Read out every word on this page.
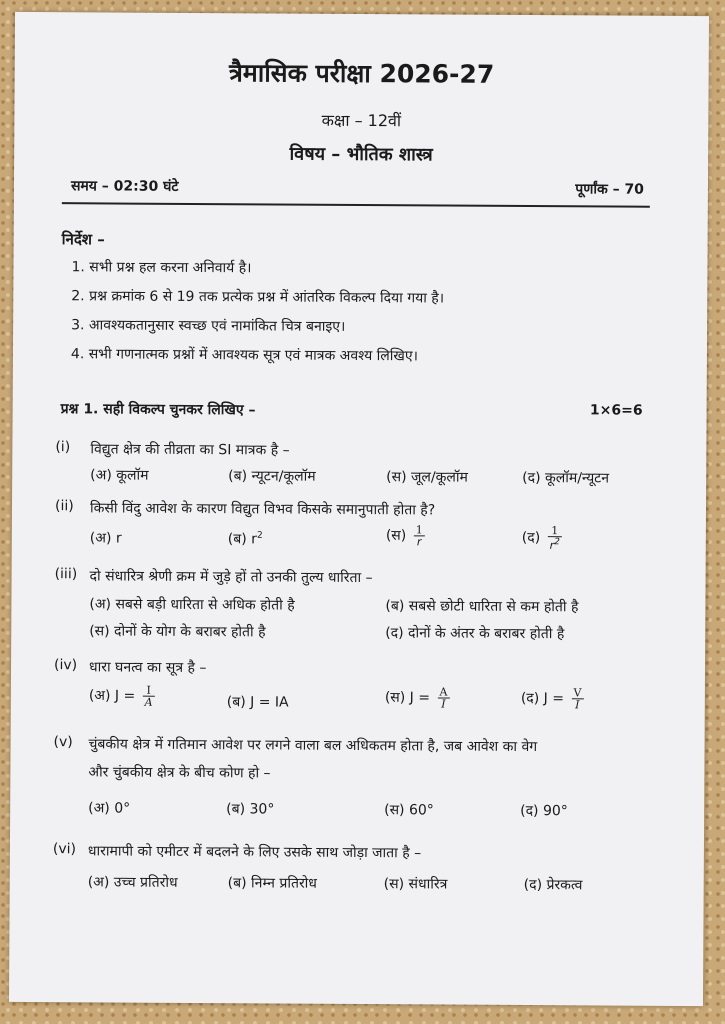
त्रैमासिक परीक्षा 2026-27
कक्षा – 12वीं
विषय – भौतिक शास्त्र
समय – 02:30 घंटे	पूर्णांक – 70
निर्देश –
1. सभी प्रश्न हल करना अनिवार्य है।
2. प्रश्न क्रमांक 6 से 19 तक प्रत्येक प्रश्न में आंतरिक विकल्प दिया गया है।
3. आवश्यकतानुसार स्वच्छ एवं नामांकित चित्र बनाइए।
4. सभी गणनात्मक प्रश्नों में आवश्यक सूत्र एवं मात्रक अवश्य लिखिए।
प्रश्न 1. सही विकल्प चुनकर लिखिए –	1×6=6
(i) विद्युत क्षेत्र की तीव्रता का SI मात्रक है –
(अ) कूलॉम	(ब) न्यूटन/कूलॉम	(स) जूल/कूलॉम	(द) कूलॉम/न्यूटन
(ii) किसी विंदु आवेश के कारण विद्युत विभव किसके समानुपाती होता है?
(अ) r	(ब) $r^2$	(स) $\frac{1}{r}$	(द) $\frac{1}{r^2}$
(iii) दो संधारित्र श्रेणी क्रम में जुड़े हों तो उनकी तुल्य धारिता –
(अ) सबसे बड़ी धारिता से अधिक होती है	(ब) सबसे छोटी धारिता से कम होती है
(स) दोनों के योग के बराबर होती है	(द) दोनों के अंतर के बराबर होती है
(iv) धारा घनत्व का सूत्र है –
(अ) $J = \frac{I}{A}$	(ब) J = IA	(स) $J = \frac{A}{I}$	(द) $J = \frac{V}{I}$
(v) चुंबकीय क्षेत्र में गतिमान आवेश पर लगने वाला बल अधिकतम होता है, जब आवेश का वेग
और चुंबकीय क्षेत्र के बीच कोण हो –
(अ) 0°	(ब) 30°	(स) 60°	(द) 90°
(vi) धारामापी को एमीटर में बदलने के लिए उसके साथ जोड़ा जाता है –
(अ) उच्च प्रतिरोध	(ब) निम्न प्रतिरोध	(स) संधारित्र	(द) प्रेरकत्व
